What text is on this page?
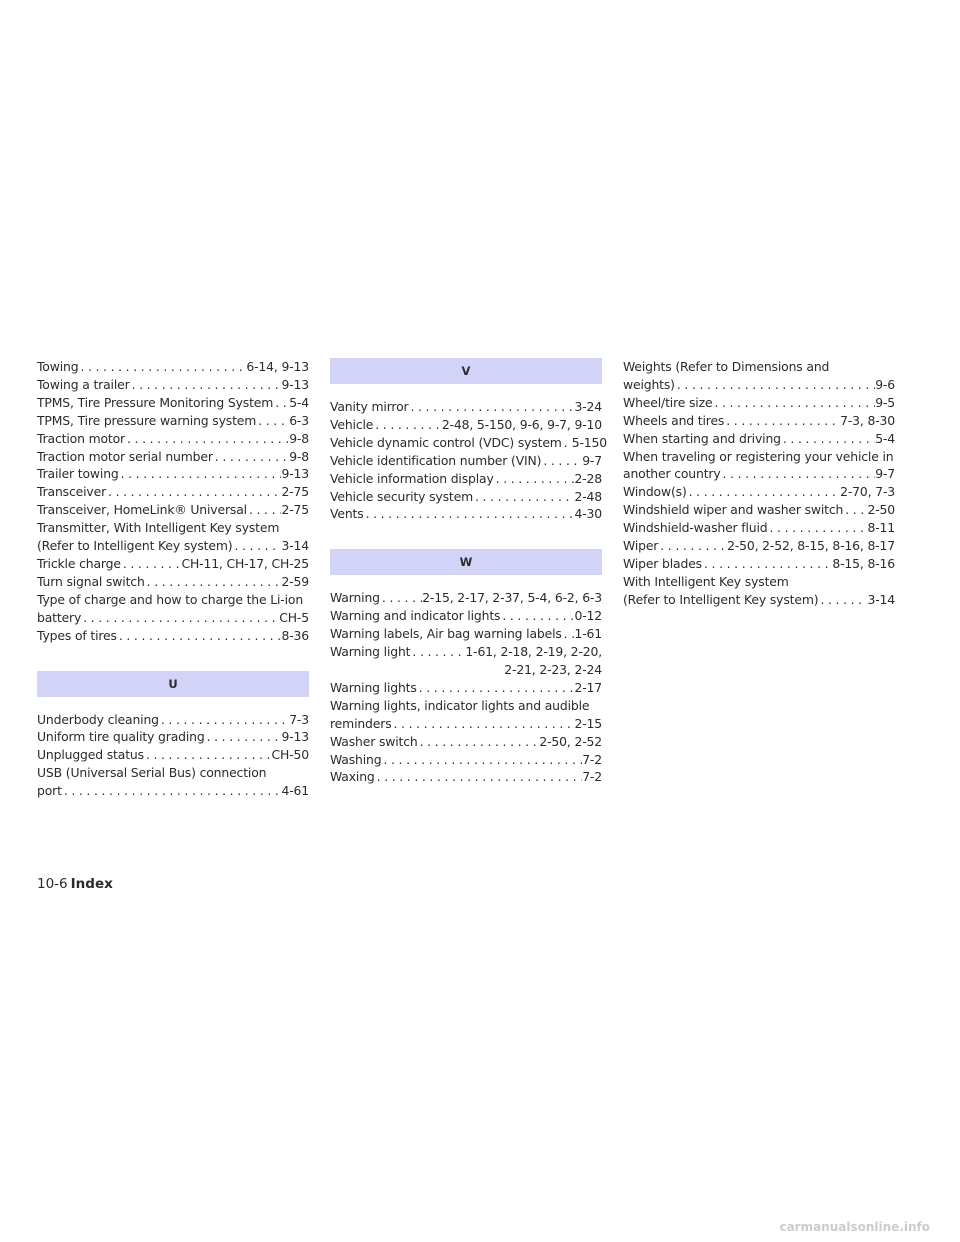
Towing .....	6-14, 9-13
Towing a trailer .....	9-13
TPMS, Tire Pressure Monitoring System ..... 5-4
TPMS, Tire pressure warning system .....	6-3
Traction motor .....	9-8
Traction motor serial number .....	9-8
Trailer towing .....	9-13
Transceiver .....	2-75
Transceiver, HomeLink® Universal .....	2-75
Transmitter, With Intelligent Key system
(Refer to Intelligent Key system) .....	3-14
Trickle charge .....	CH-11, CH-17, CH-25
Turn signal switch .....	2-59
Type of charge and how to charge the Li-ion
battery .....	CH-5
Types of tires .....	8-36
U
Underbody cleaning .....	7-3
Uniform tire quality grading .....	9-13
Unplugged status .....	CH-50
USB (Universal Serial Bus) connection
port .....	4-61
V
Vanity mirror .....	3-24
Vehicle .....	2-48, 5-150, 9-6, 9-7, 9-10
Vehicle dynamic control (VDC) system ..... 5-150
Vehicle identification number (VIN) .....	9-7
Vehicle information display .....	2-28
Vehicle security system .....	2-48
Vents .....	4-30
W
Warning .....	2-15, 2-17, 2-37, 5-4, 6-2, 6-3
Warning and indicator lights .....	0-12
Warning labels, Air bag warning labels ..... 1-61
Warning light .....	1-61, 2-18, 2-19, 2-20,
2-21, 2-23, 2-24
Warning lights .....	2-17
Warning lights, indicator lights and audible
reminders .....	2-15
Washer switch .....	2-50, 2-52
Washing .....	7-2
Waxing .....	7-2
Weights (Refer to Dimensions and
weights) .....	9-6
Wheel/tire size .....	9-5
Wheels and tires .....	7-3, 8-30
When starting and driving .....	5-4
When traveling or registering your vehicle in
another country .....	9-7
Window(s) .....	2-70, 7-3
Windshield wiper and washer switch ..... 2-50
Windshield-washer fluid .....	8-11
Wiper .....	2-50, 2-52, 8-15, 8-16, 8-17
Wiper blades .....	8-15, 8-16
With Intelligent Key system
(Refer to Intelligent Key system) .....	3-14
10-6 Index
carmanualsonline.info
